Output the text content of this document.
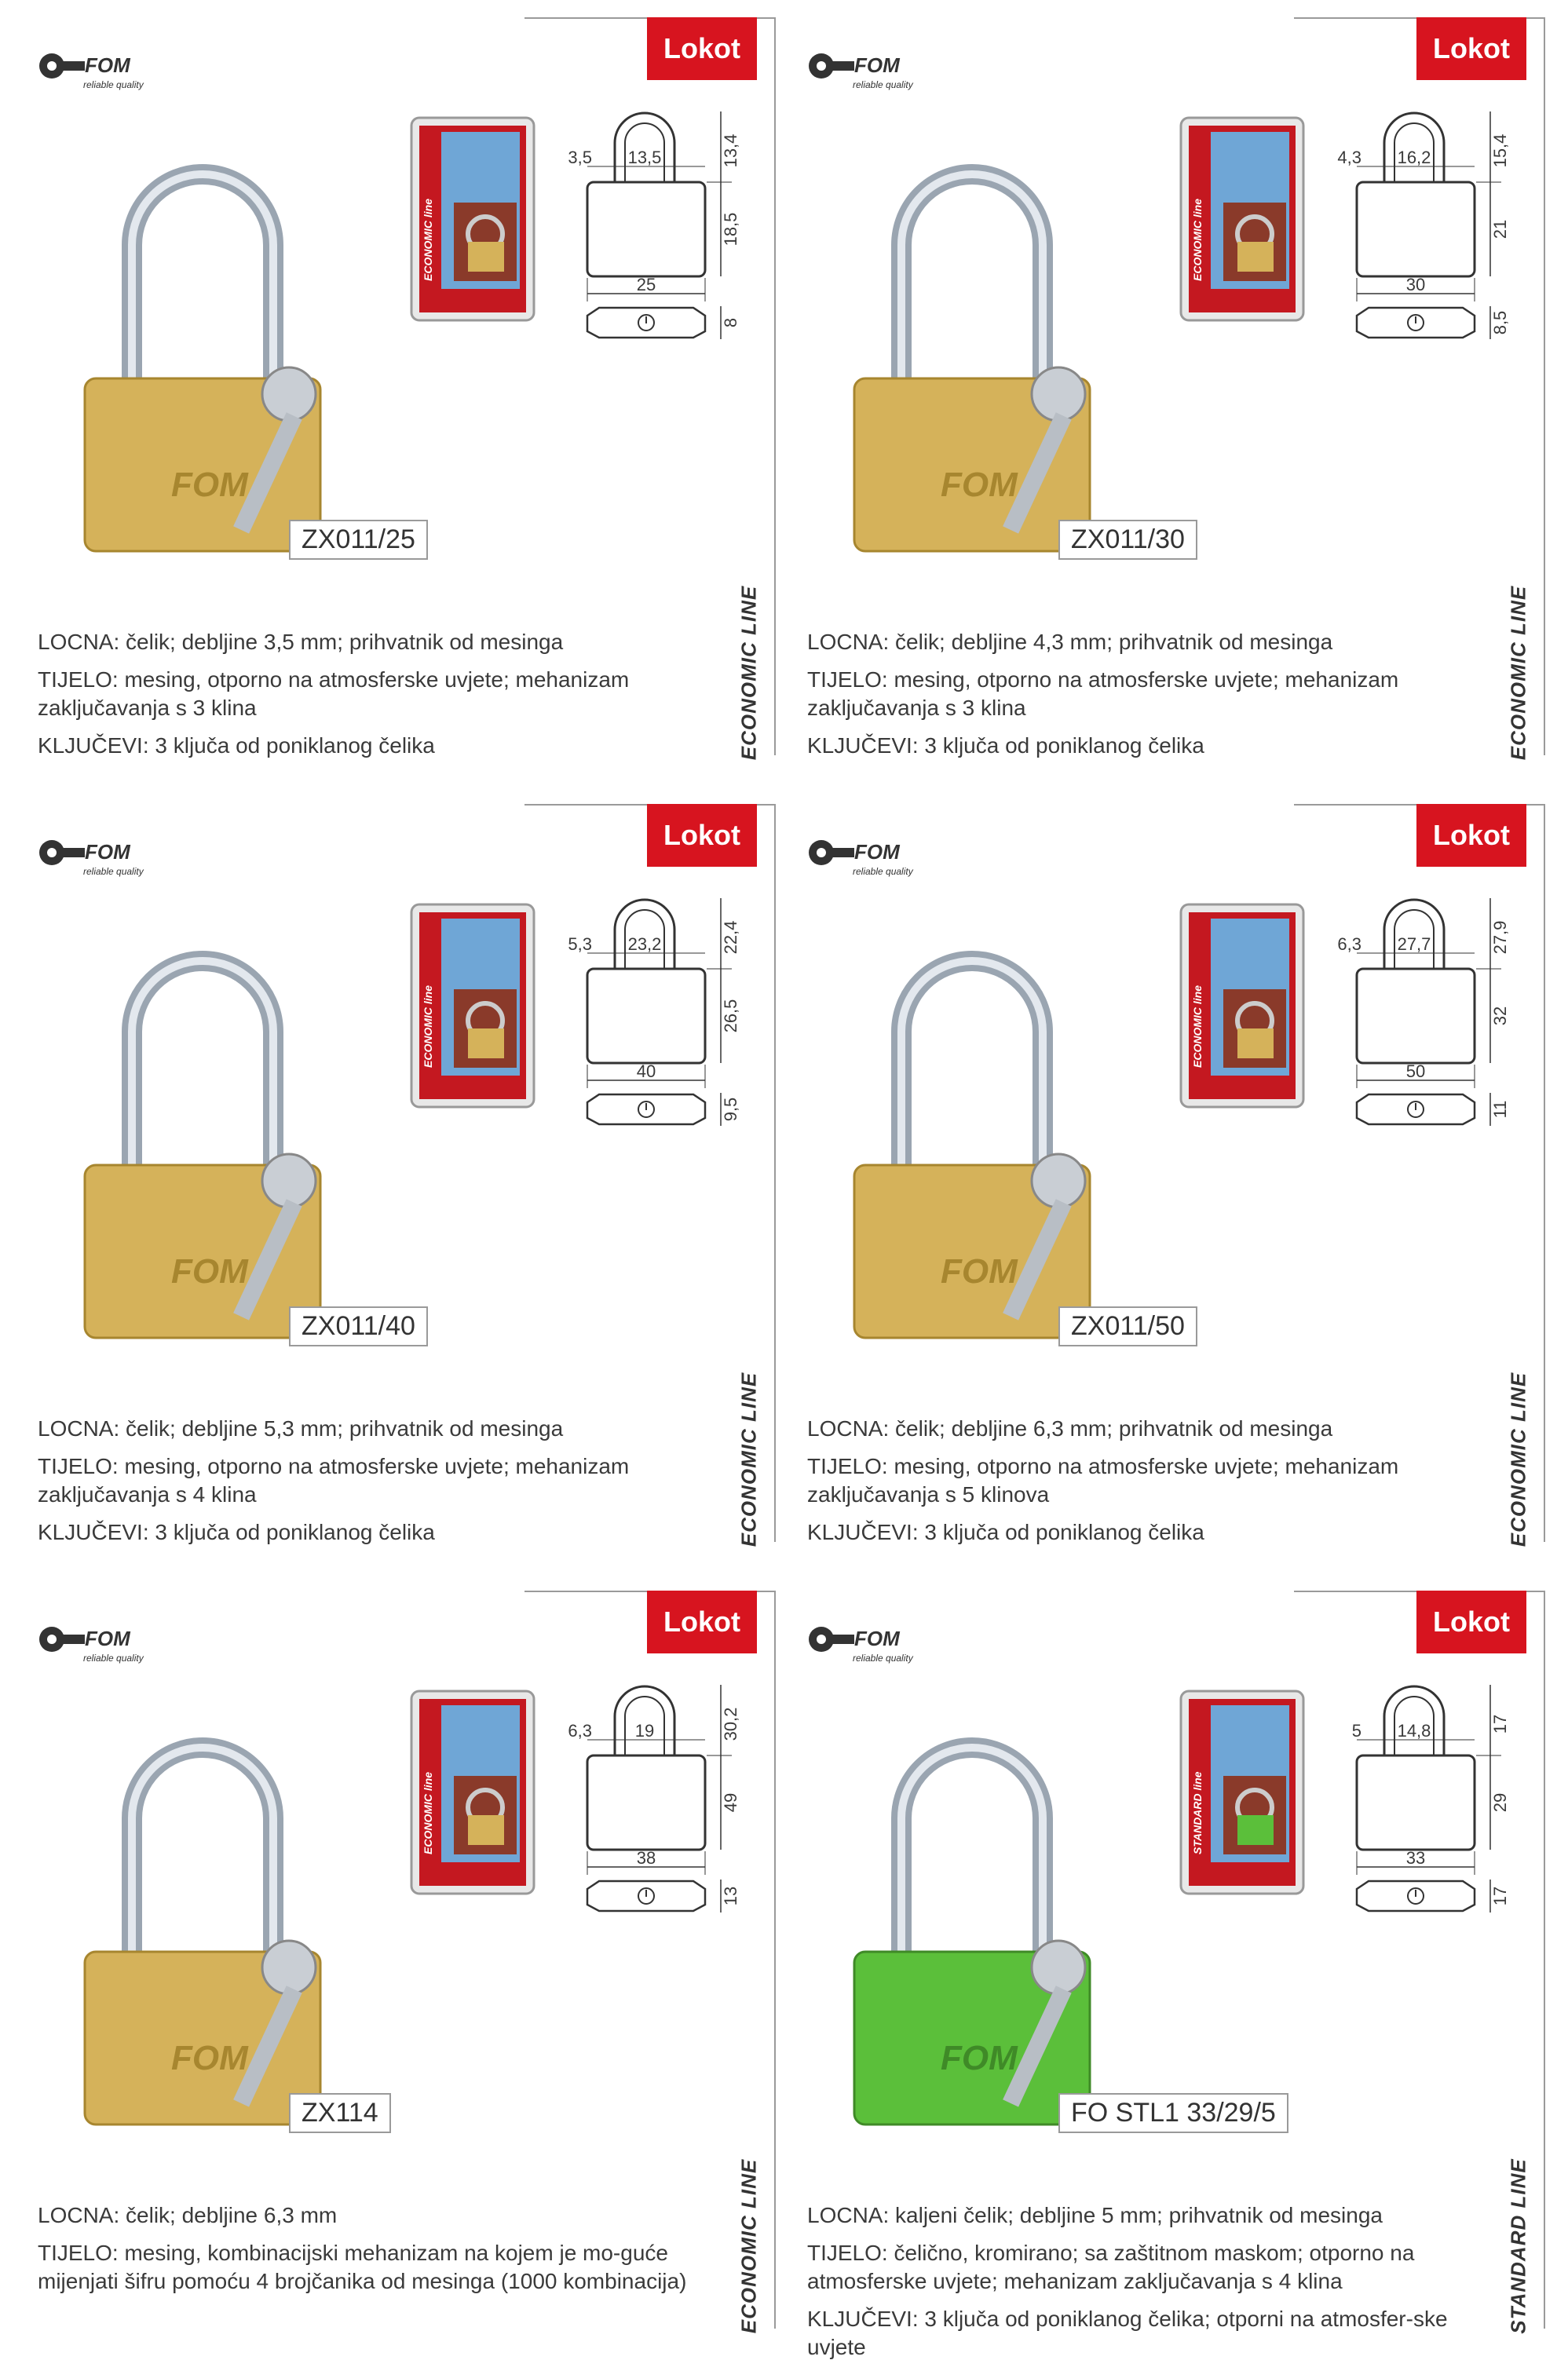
FOM
reliable quality
Lokot
ECONOMIC line
25
3,5 13,5	13,4
18,5
8
FOM
ZX011/25

LOCNA: čelik; debljine 3,5 mm; prihvatnik od mesinga

TIJELO: mesing, otporno na atmosferske uvjete; mehanizam zaključavanja s 3 klina

KLJUČEVI: 3 ključa od poniklanog čelika	ECONOMIC LINE
FOM
reliable quality
Lokot
ECONOMIC line
30
4,3 16,2	15,4
21
8,5
FOM
ZX011/30

LOCNA: čelik; debljine 4,3 mm; prihvatnik od mesinga

TIJELO: mesing, otporno na atmosferske uvjete; mehanizam zaključavanja s 3 klina

KLJUČEVI: 3 ključa od poniklanog čelika	ECONOMIC LINE
FOM
reliable quality
Lokot
ECONOMIC line
40
5,3 23,2	22,4
26,5
9,5
FOM
ZX011/40

LOCNA: čelik; debljine 5,3 mm; prihvatnik od mesinga

TIJELO: mesing, otporno na atmosferske uvjete; mehanizam zaključavanja s 4 klina

KLJUČEVI: 3 ključa od poniklanog čelika	ECONOMIC LINE
FOM
reliable quality
Lokot
ECONOMIC line
50
6,3 27,7	27,9
32
11
FOM
ZX011/50

LOCNA: čelik; debljine 6,3 mm; prihvatnik od mesinga

TIJELO: mesing, otporno na atmosferske uvjete; mehanizam zaključavanja s 5 klinova

KLJUČEVI: 3 ključa od poniklanog čelika	ECONOMIC LINE
FOM
reliable quality
Lokot
ECONOMIC line
38
6,3 19	30,2
49
13
FOM
ZX114

LOCNA: čelik; debljine 6,3 mm

TIJELO: mesing, kombinacijski mehanizam na kojem je mo-guće mijenjati šifru pomoću 4 brojčanika od mesinga (1000 kombinacija)	ECONOMIC LINE
FOM
reliable quality
Lokot
STANDARD line
33
5 14,8	17
29
17
FOM
FO STL1 33/29/5

LOCNA: kaljeni čelik; debljine 5 mm; prihvatnik od mesinga

TIJELO: čelično, kromirano; sa zaštitnom maskom; otporno na atmosferske uvjete; mehanizam zaključavanja s 4 klina

KLJUČEVI: 3 ključa od poniklanog čelika; otporni na atmosfer-ske uvjete

STANDARD LINE
